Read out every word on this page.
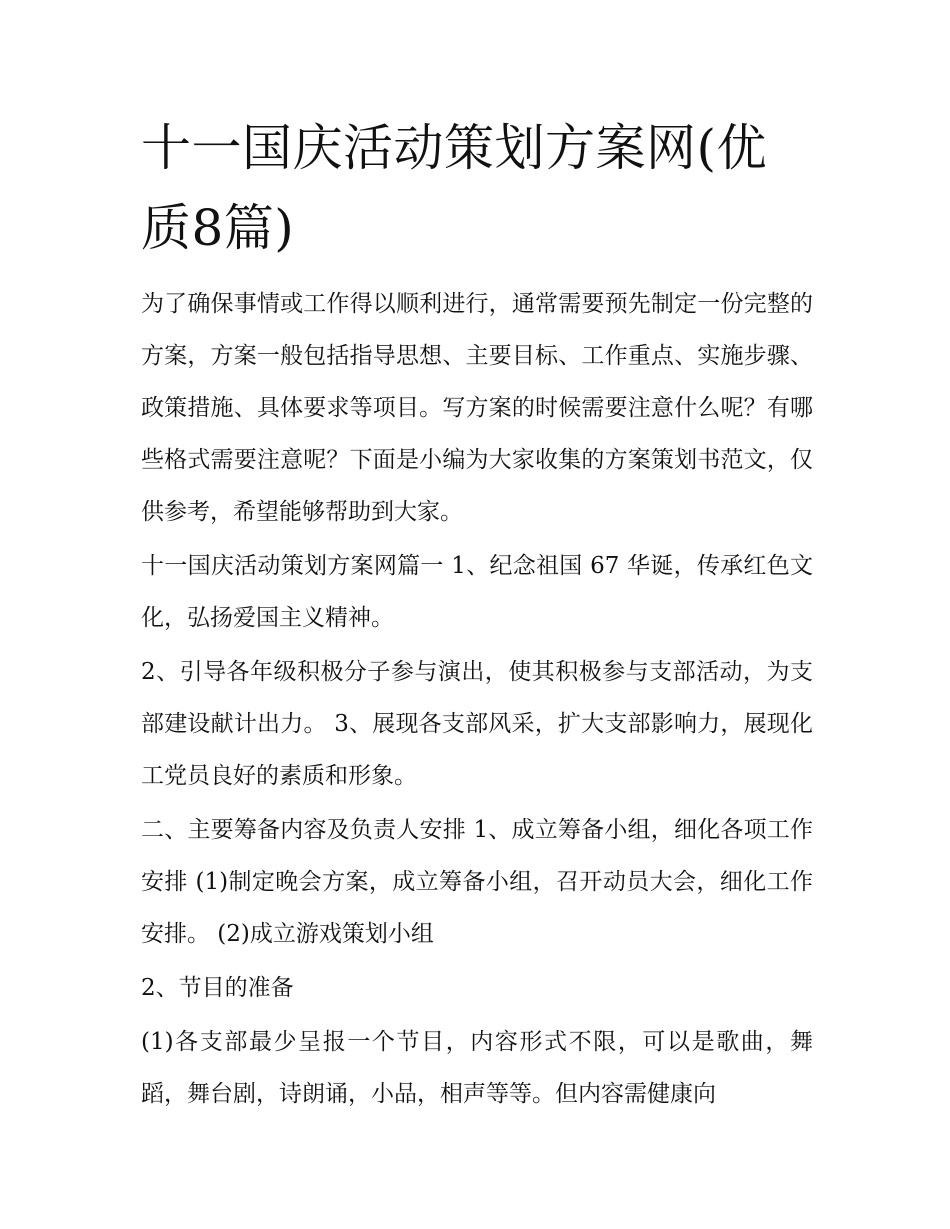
十一国庆活动策划方案网(优质8篇)

为了确保事情或工作得以顺利进行，通常需要预先制定一份完整的方案，方案一般包括指导思想、主要目标、工作重点、实施步骤、政策措施、具体要求等项目。写方案的时候需要注意什么呢？有哪些格式需要注意呢？下面是小编为大家收集的方案策划书范文，仅供参考，希望能够帮助到大家。

十一国庆活动策划方案网篇一 1、纪念祖国 67 华诞，传承红色文化，弘扬爱国主义精神。

2、引导各年级积极分子参与演出，使其积极参与支部活动，为支部建设献计出力。 3、展现各支部风采，扩大支部影响力，展现化工党员良好的素质和形象。

二、主要筹备内容及负责人安排 1、成立筹备小组，细化各项工作安排 (1)制定晚会方案，成立筹备小组，召开动员大会，细化工作安排。 (2)成立游戏策划小组

2、节目的准备

(1)各支部最少呈报一个节目，内容形式不限，可以是歌曲，舞蹈，舞台剧，诗朗诵，小品，相声等等。但内容需健康向
